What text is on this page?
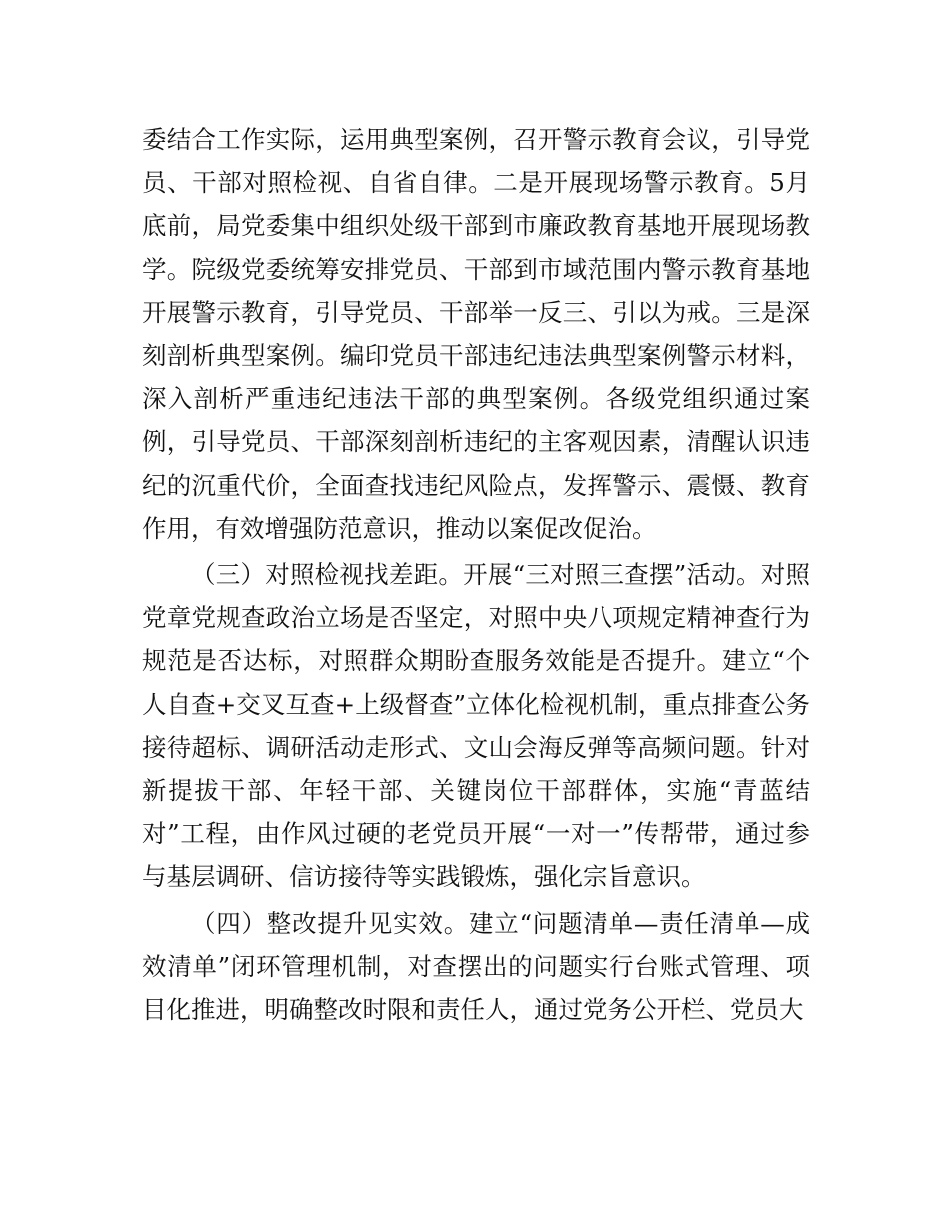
委结合工作实际，运用典型案例，召开警示教育会议，引导党员、干部对照检视、自省自律。二是开展现场警示教育。5月底前，局党委集中组织处级干部到市廉政教育基地开展现场教学。院级党委统筹安排党员、干部到市域范围内警示教育基地开展警示教育，引导党员、干部举一反三、引以为戒。三是深刻剖析典型案例。编印党员干部违纪违法典型案例警示材料，深入剖析严重违纪违法干部的典型案例。各级党组织通过案例，引导党员、干部深刻剖析违纪的主客观因素，清醒认识违纪的沉重代价，全面查找违纪风险点，发挥警示、震慑、教育作用，有效增强防范意识，推动以案促改促治。

（三）对照检视找差距。开展“三对照三查摆”活动。对照党章党规查政治立场是否坚定，对照中央八项规定精神查行为规范是否达标，对照群众期盼查服务效能是否提升。建立“个人自查+交叉互查+上级督查”立体化检视机制，重点排查公务接待超标、调研活动走形式、文山会海反弹等高频问题。针对新提拔干部、年轻干部、关键岗位干部群体，实施“青蓝结对”工程，由作风过硬的老党员开展“一对一”传帮带，通过参与基层调研、信访接待等实践锻炼，强化宗旨意识。

（四）整改提升见实效。建立“问题清单—责任清单—成效清单”闭环管理机制，对查摆出的问题实行台账式管理、项目化推进，明确整改时限和责任人，通过党务公开栏、党员大
